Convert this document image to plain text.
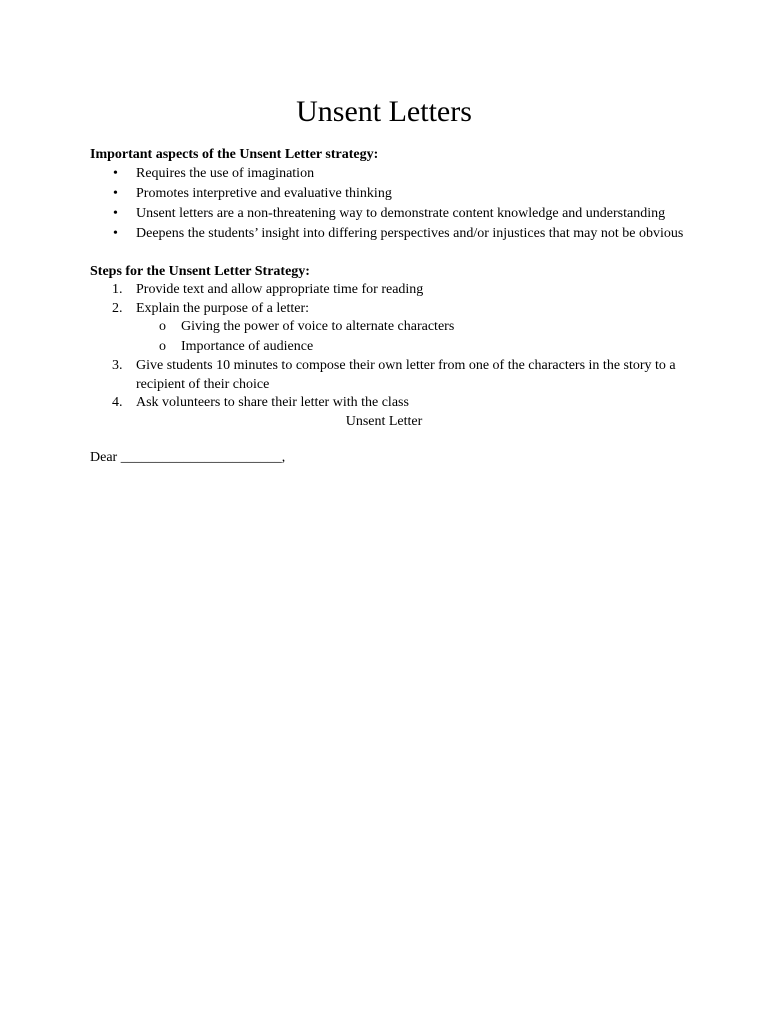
Unsent Letters

Important aspects of the Unsent Letter strategy:

•	Requires the use of imagination
•	Promotes interpretive and evaluative thinking
•	Unsent letters are a non-threatening way to demonstrate content knowledge and understanding
•	Deepens the students’ insight into differing perspectives and/or injustices that may not be obvious

Steps for the Unsent Letter Strategy:

1. Provide text and allow appropriate time for reading
2. Explain the purpose of a letter:
o Giving the power of voice to alternate characters
o Importance of audience
3. Give students 10 minutes to compose their own letter from one of the characters in the story to a recipient of their choice
4. Ask volunteers to share their letter with the class
Unsent Letter
Dear _______________________,
